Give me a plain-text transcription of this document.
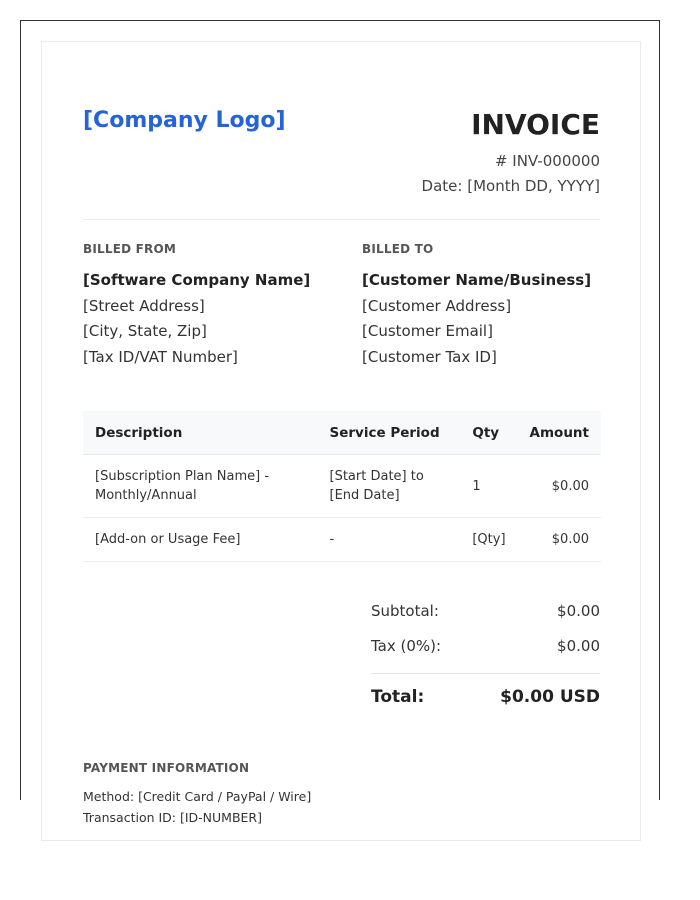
[Company Logo]	INVOICE
# INV-000000
Date: [Month DD, YYYY]
BILLED FROM
[Software Company Name]
[Street Address]
[City, State, Zip]
[Tax ID/VAT Number]
BILLED TO
[Customer Name/Business]
[Customer Address]
[Customer Email]
[Customer Tax ID]
Description	Service Period	Qty	Amount
[Subscription Plan Name] - Monthly/Annual	[Start Date] to [End Date]	1	$0.00
[Add-on or Usage Fee]	-	[Qty]	$0.00
Subtotal:	$0.00
Tax (0%):	$0.00
Total:	$0.00 USD
PAYMENT INFORMATION
Method: [Credit Card / PayPal / Wire]
Transaction ID: [ID-NUMBER]
